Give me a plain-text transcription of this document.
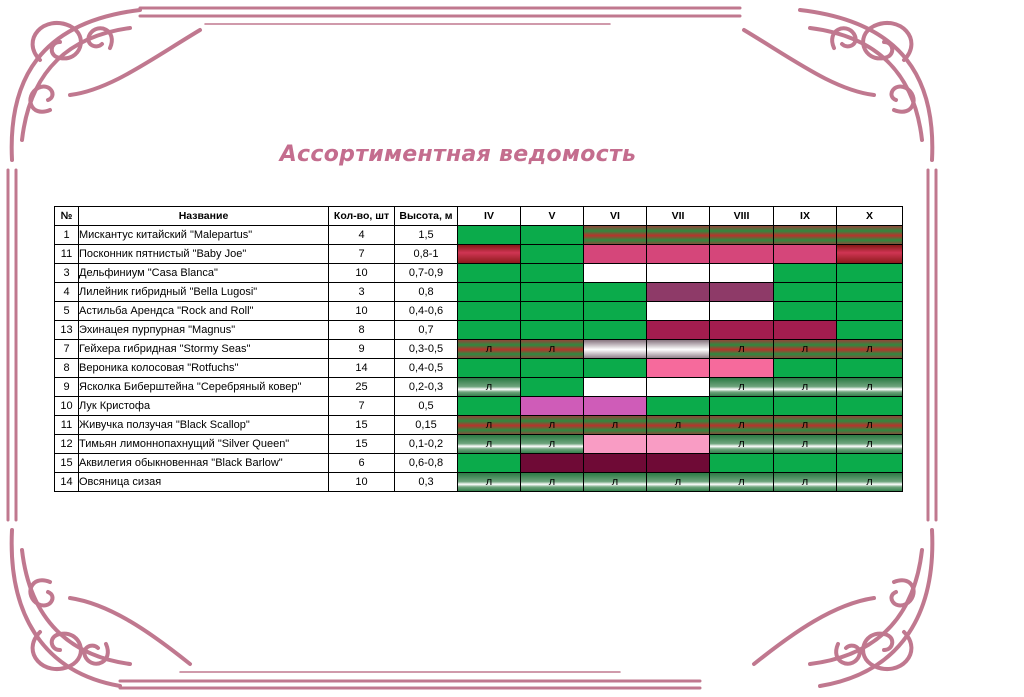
Ассортиментная ведомость
№	Название	Кол-во, шт	Высота, м	IV	V	VI	VII	VIII	IX	X
1	Мискантус китайский "Malepartus"	4	1,5							
11	Посконник пятнистый "Baby Joe"	7	0,8-1							
3	Дельфиниум "Casa Blanca"	10	0,7-0,9							
4	Лилейник гибридный "Bella Lugosi"	3	0,8							
5	Астильба Арендса "Rock and Roll"	10	0,4-0,6							
13	Эхинацея пурпурная "Magnus"	8	0,7							
7	Гейхера гибридная "Stormy Seas"	9	0,3-0,5	л	л			л	л	л
8	Вероника колосовая "Rotfuchs"	14	0,4-0,5							
9	Ясколка Биберштейна "Серебряный ковер"	25	0,2-0,3	л				л	л	л
10	Лук Кристофа	7	0,5							
11	Живучка ползучая "Black Scallop"	15	0,15	л	л	л	л	л	л	л
12	Тимьян лимоннопахнущий "Silver Queen"	15	0,1-0,2	л	л			л	л	л
15	Аквилегия обыкновенная "Black Barlow"	6	0,6-0,8							
14	Овсяница сизая	10	0,3	л	л	л	л	л	л	л
